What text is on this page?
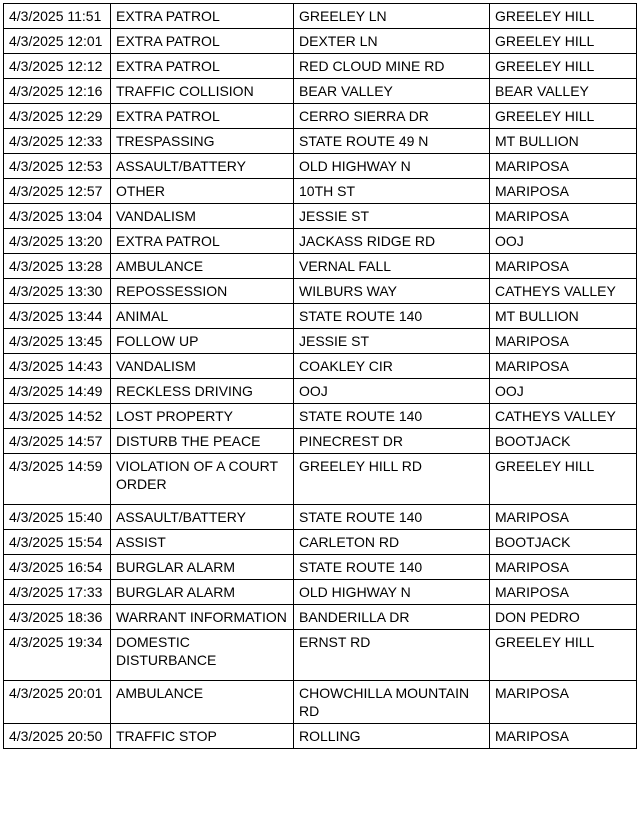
4/3/2025 11:51	EXTRA PATROL	GREELEY LN	GREELEY HILL
4/3/2025 12:01	EXTRA PATROL	DEXTER LN	GREELEY HILL
4/3/2025 12:12	EXTRA PATROL	RED CLOUD MINE RD	GREELEY HILL
4/3/2025 12:16	TRAFFIC COLLISION	BEAR VALLEY	BEAR VALLEY
4/3/2025 12:29	EXTRA PATROL	CERRO SIERRA DR	GREELEY HILL
4/3/2025 12:33	TRESPASSING	STATE ROUTE 49 N	MT BULLION
4/3/2025 12:53	ASSAULT/BATTERY	OLD HIGHWAY N	MARIPOSA
4/3/2025 12:57	OTHER	10TH ST	MARIPOSA
4/3/2025 13:04	VANDALISM	JESSIE ST	MARIPOSA
4/3/2025 13:20	EXTRA PATROL	JACKASS RIDGE RD	OOJ
4/3/2025 13:28	AMBULANCE	VERNAL FALL	MARIPOSA
4/3/2025 13:30	REPOSSESSION	WILBURS WAY	CATHEYS VALLEY
4/3/2025 13:44	ANIMAL	STATE ROUTE 140	MT BULLION
4/3/2025 13:45	FOLLOW UP	JESSIE ST	MARIPOSA
4/3/2025 14:43	VANDALISM	COAKLEY CIR	MARIPOSA
4/3/2025 14:49	RECKLESS DRIVING	OOJ	OOJ
4/3/2025 14:52	LOST PROPERTY	STATE ROUTE 140	CATHEYS VALLEY
4/3/2025 14:57	DISTURB THE PEACE	PINECREST DR	BOOTJACK
4/3/2025 14:59	VIOLATION OF A COURT ORDER	GREELEY HILL RD	GREELEY HILL
4/3/2025 15:40	ASSAULT/BATTERY	STATE ROUTE 140	MARIPOSA
4/3/2025 15:54	ASSIST	CARLETON RD	BOOTJACK
4/3/2025 16:54	BURGLAR ALARM	STATE ROUTE 140	MARIPOSA
4/3/2025 17:33	BURGLAR ALARM	OLD HIGHWAY N	MARIPOSA
4/3/2025 18:36	WARRANT INFORMATION	BANDERILLA DR	DON PEDRO
4/3/2025 19:34	DOMESTIC DISTURBANCE	ERNST RD	GREELEY HILL
4/3/2025 20:01	AMBULANCE	CHOWCHILLA MOUNTAIN RD	MARIPOSA
4/3/2025 20:50	TRAFFIC STOP	ROLLING	MARIPOSA
